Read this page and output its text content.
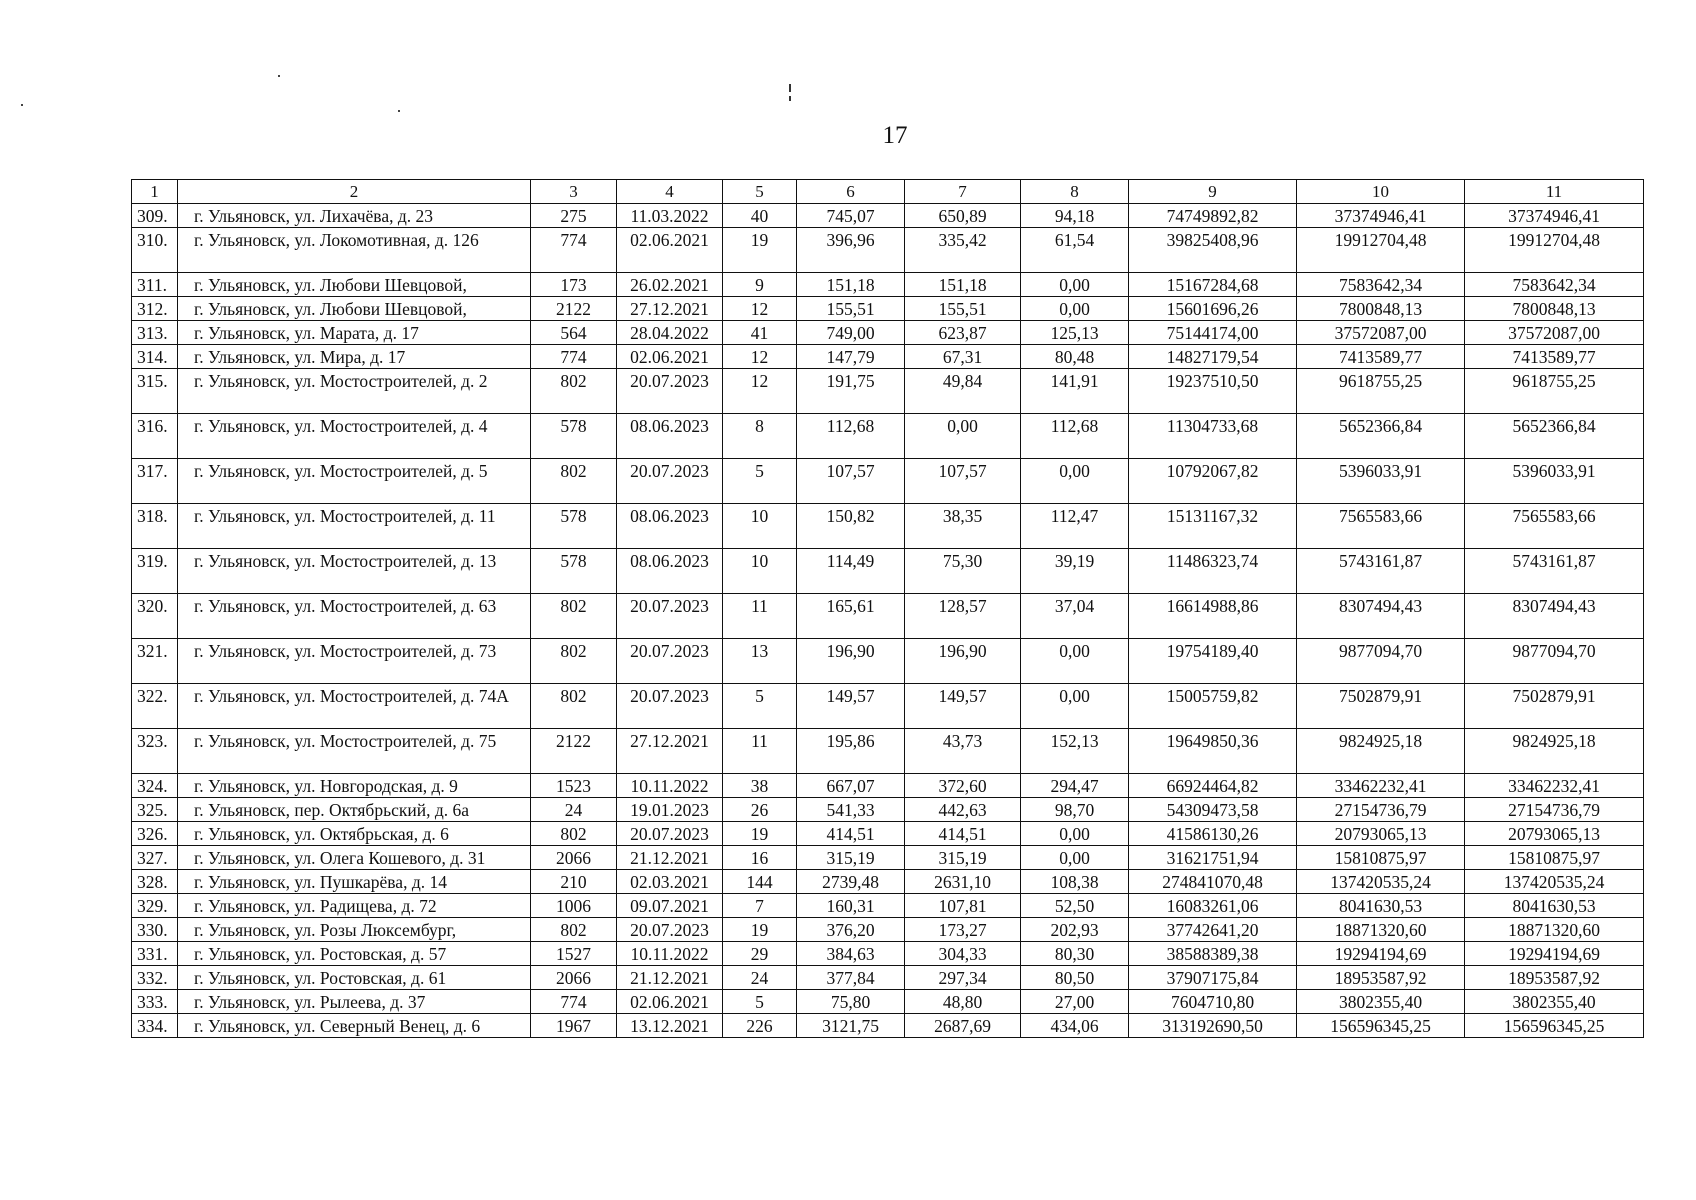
17
1	2	3	4	5	6	7	8	9	10	11
309.	г. Ульяновск, ул. Лихачёва, д. 23	275	11.03.2022	40	745,07	650,89	94,18	74749892,82	37374946,41	37374946,41
310.	г. Ульяновск, ул. Локомотивная, д. 126	774	02.06.2021	19	396,96	335,42	61,54	39825408,96	19912704,48	19912704,48
311.	г. Ульяновск, ул. Любови Шевцовой,	173	26.02.2021	9	151,18	151,18	0,00	15167284,68	7583642,34	7583642,34
312.	г. Ульяновск, ул. Любови Шевцовой,	2122	27.12.2021	12	155,51	155,51	0,00	15601696,26	7800848,13	7800848,13
313.	г. Ульяновск, ул. Марата, д. 17	564	28.04.2022	41	749,00	623,87	125,13	75144174,00	37572087,00	37572087,00
314.	г. Ульяновск, ул. Мира, д. 17	774	02.06.2021	12	147,79	67,31	80,48	14827179,54	7413589,77	7413589,77
315.	г. Ульяновск, ул. Мостостроителей, д. 2	802	20.07.2023	12	191,75	49,84	141,91	19237510,50	9618755,25	9618755,25
316.	г. Ульяновск, ул. Мостостроителей, д. 4	578	08.06.2023	8	112,68	0,00	112,68	11304733,68	5652366,84	5652366,84
317.	г. Ульяновск, ул. Мостостроителей, д. 5	802	20.07.2023	5	107,57	107,57	0,00	10792067,82	5396033,91	5396033,91
318.	г. Ульяновск, ул. Мостостроителей, д. 11	578	08.06.2023	10	150,82	38,35	112,47	15131167,32	7565583,66	7565583,66
319.	г. Ульяновск, ул. Мостостроителей, д. 13	578	08.06.2023	10	114,49	75,30	39,19	11486323,74	5743161,87	5743161,87
320.	г. Ульяновск, ул. Мостостроителей, д. 63	802	20.07.2023	11	165,61	128,57	37,04	16614988,86	8307494,43	8307494,43
321.	г. Ульяновск, ул. Мостостроителей, д. 73	802	20.07.2023	13	196,90	196,90	0,00	19754189,40	9877094,70	9877094,70
322.	г. Ульяновск, ул. Мостостроителей, д. 74А	802	20.07.2023	5	149,57	149,57	0,00	15005759,82	7502879,91	7502879,91
323.	г. Ульяновск, ул. Мостостроителей, д. 75	2122	27.12.2021	11	195,86	43,73	152,13	19649850,36	9824925,18	9824925,18
324.	г. Ульяновск, ул. Новгородская, д. 9	1523	10.11.2022	38	667,07	372,60	294,47	66924464,82	33462232,41	33462232,41
325.	г. Ульяновск, пер. Октябрьский, д. 6а	24	19.01.2023	26	541,33	442,63	98,70	54309473,58	27154736,79	27154736,79
326.	г. Ульяновск, ул. Октябрьская, д. 6	802	20.07.2023	19	414,51	414,51	0,00	41586130,26	20793065,13	20793065,13
327.	г. Ульяновск, ул. Олега Кошевого, д. 31	2066	21.12.2021	16	315,19	315,19	0,00	31621751,94	15810875,97	15810875,97
328.	г. Ульяновск, ул. Пушкарёва, д. 14	210	02.03.2021	144	2739,48	2631,10	108,38	274841070,48	137420535,24	137420535,24
329.	г. Ульяновск, ул. Радищева, д. 72	1006	09.07.2021	7	160,31	107,81	52,50	16083261,06	8041630,53	8041630,53
330.	г. Ульяновск, ул. Розы Люксембург,	802	20.07.2023	19	376,20	173,27	202,93	37742641,20	18871320,60	18871320,60
331.	г. Ульяновск, ул. Ростовская, д. 57	1527	10.11.2022	29	384,63	304,33	80,30	38588389,38	19294194,69	19294194,69
332.	г. Ульяновск, ул. Ростовская, д. 61	2066	21.12.2021	24	377,84	297,34	80,50	37907175,84	18953587,92	18953587,92
333.	г. Ульяновск, ул. Рылеева, д. 37	774	02.06.2021	5	75,80	48,80	27,00	7604710,80	3802355,40	3802355,40
334.	г. Ульяновск, ул. Северный Венец, д. 6	1967	13.12.2021	226	3121,75	2687,69	434,06	313192690,50	156596345,25	156596345,25
